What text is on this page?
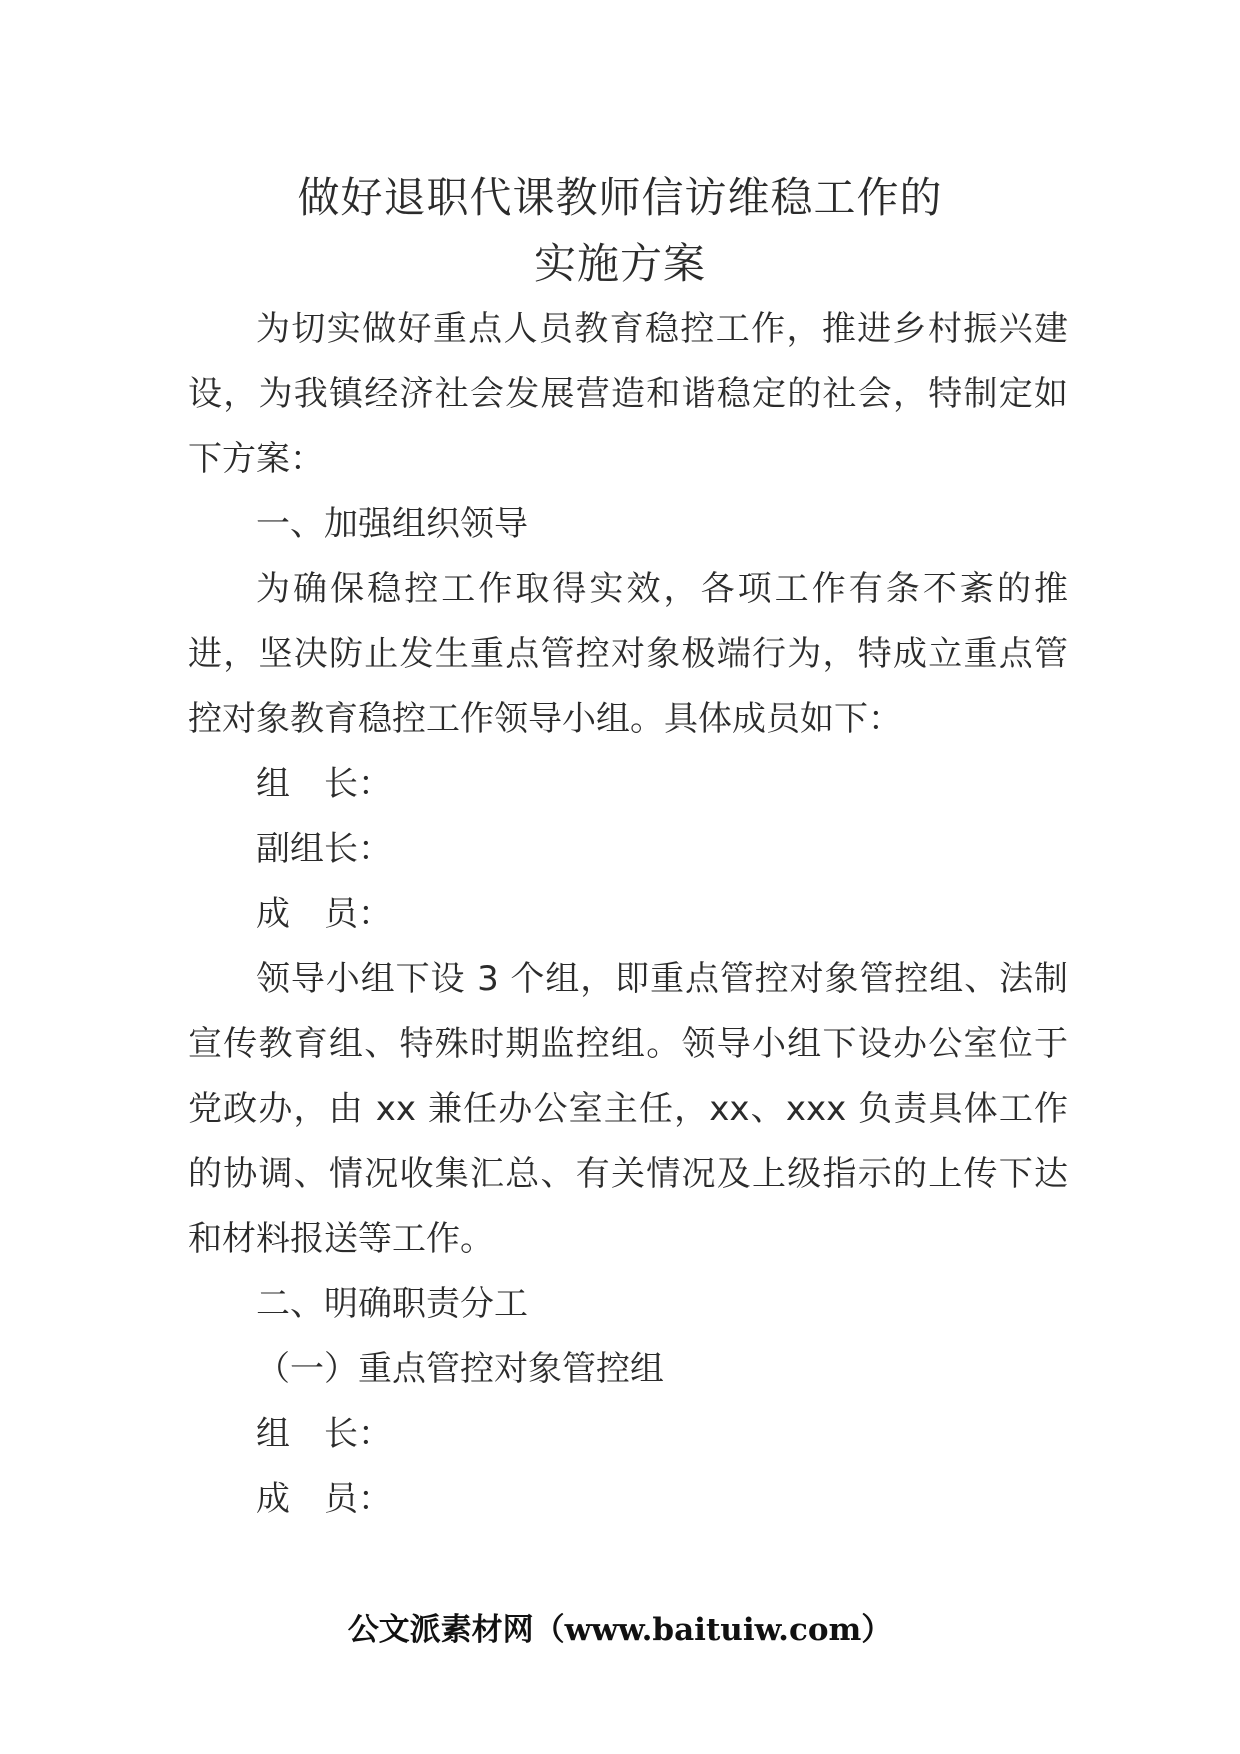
做好退职代课教师信访维稳工作的
实施方案

为切实做好重点人员教育稳控工作，推进乡村振兴建设，为我镇经济社会发展营造和谐稳定的社会，特制定如下方案：

一、加强组织领导

为确保稳控工作取得实效，各项工作有条不紊的推进，坚决防止发生重点管控对象极端行为，特成立重点管控对象教育稳控工作领导小组。具体成员如下：

组　长：

副组长：

成　员：

领导小组下设 3 个组，即重点管控对象管控组、法制宣传教育组、特殊时期监控组。领导小组下设办公室位于党政办，由 xx 兼任办公室主任，xx、xxx 负责具体工作的协调、情况收集汇总、有关情况及上级指示的上传下达和材料报送等工作。

二、明确职责分工

（一）重点管控对象管控组

组　长：

成　员：

公文派素材网（www.baituiw.com）
